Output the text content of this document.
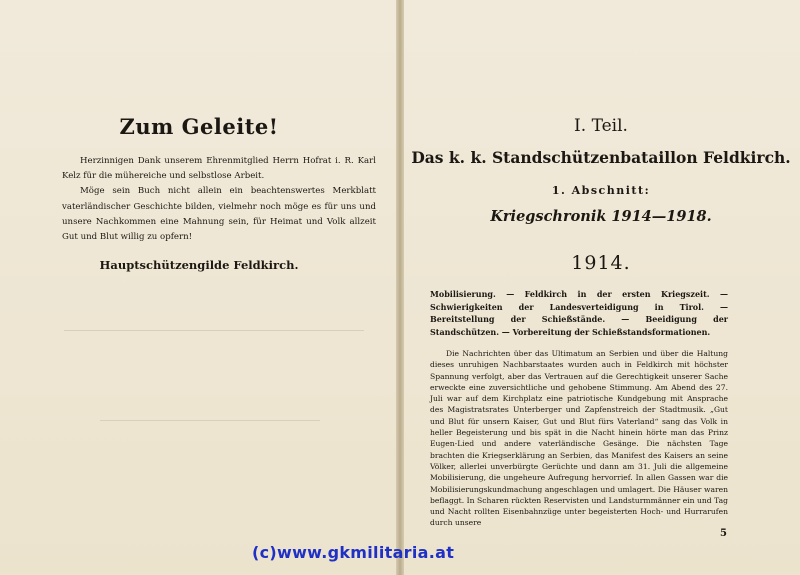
Zum Geleite!

Herzinnigen Dank unserem Ehrenmitglied Herrn Hofrat i. R. Karl Kelz für die mühereiche und selbstlose Arbeit.

Möge sein Buch nicht allein ein beachtenswertes Merkblatt vaterländischer Geschichte bilden, vielmehr noch möge es für uns und unsere Nachkommen eine Mahnung sein, für Heimat und Volk allzeit Gut und Blut willig zu opfern!

Hauptschützengilde Feldkirch.
I. Teil.
Das k. k. Standschützenbataillon Feldkirch.
1. Abschnitt:
Kriegschronik 1914—1918.
1914.
Mobilisierung. — Feldkirch in der ersten Kriegszeit. — Schwierigkeiten der Landesverteidigung in Tirol. — Bereitstellung der Schießstände. — Beeidigung der Standschützen. — Vorbereitung der Schießstandsformationen.

Die Nachrichten über das Ultimatum an Serbien und über die Haltung dieses unruhigen Nachbarstaates wurden auch in Feldkirch mit höchster Spannung verfolgt, aber das Vertrauen auf die Gerechtigkeit unserer Sache erweckte eine zuversichtliche und gehobene Stimmung. Am Abend des 27. Juli war auf dem Kirchplatz eine patriotische Kundgebung mit Ansprache des Magistratsrates Unterberger und Zapfenstreich der Stadtmusik. „Gut und Blut für unsern Kaiser, Gut und Blut fürs Vaterland“ sang das Volk in heller Begeisterung und bis spät in die Nacht hinein hörte man das Prinz Eugen-Lied und andere vaterländische Gesänge. Die nächsten Tage brachten die Kriegserklärung an Serbien, das Manifest des Kaisers an seine Völker, allerlei unverbürgte Gerüchte und dann am 31. Juli die allgemeine Mobilisierung, die ungeheure Aufregung hervorrief. In allen Gassen war die Mobilisierungskundmachung angeschlagen und umlagert. Die Häuser waren beflaggt. In Scharen rückten Reservisten und Landsturmmänner ein und Tag und Nacht rollten Eisenbahnzüge unter begeisterten Hoch- und Hurrarufen durch unsere

5
(c)www.gkmilitaria.at
